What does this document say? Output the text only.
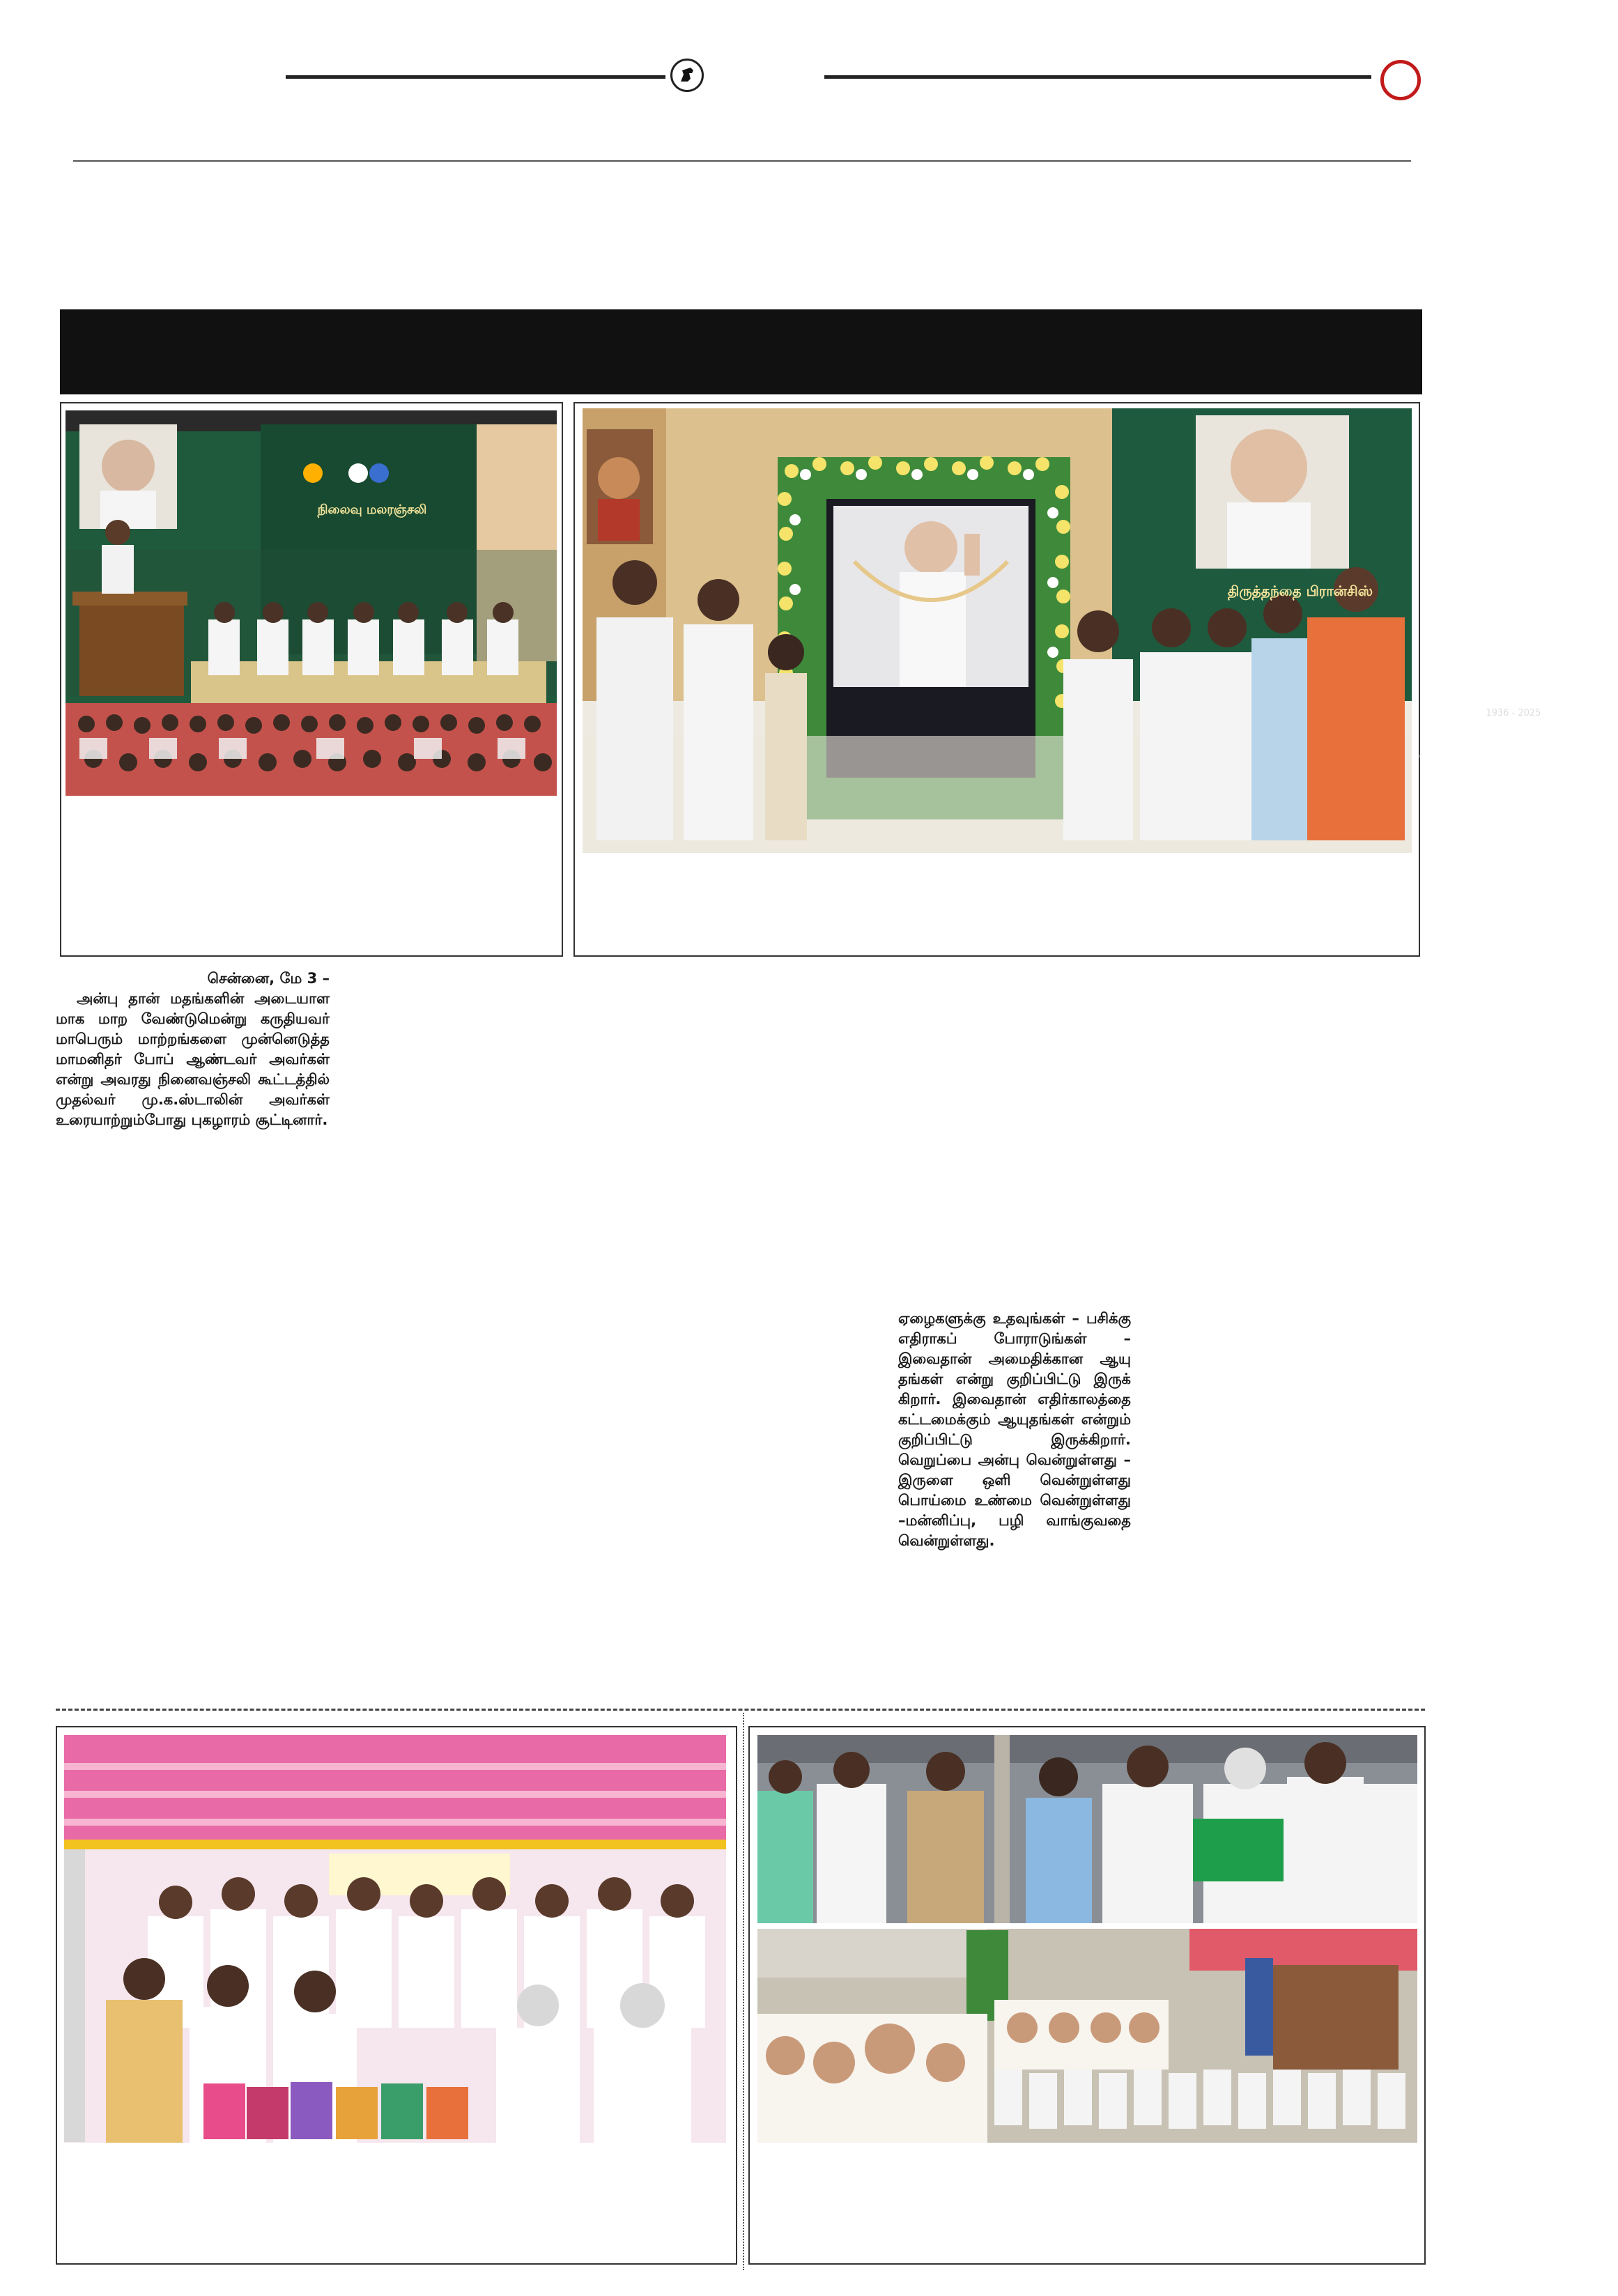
நிலைவு மலரஞ்சலி
Pope Francis
1936 - 2025
Servant of Mercy • Humble Shepherd
Reformer • Prophet of Nature
Jesuit Chennai Province	TNCRI
திருத்தந்தை பிரான்சிஸ்
சென்னை, மே 3 –
அன்பு தான் மதங்களின் அடையாள மாக மாற வேண்டுமென்று கருதியவர் மாபெரும் மாற்றங்களை முன்னெடுத்த மாமனிதர் போப் ஆண்டவர் அவர்கள் என்று அவரது நினைவஞ்சலி கூட்டத்தில் முதல்வர் மு.க.ஸ்டாலின் அவர்கள் உரையாற்றும்போது புகழாரம் சூட்டினார்.
ஏழைகளுக்கு உதவுங்கள் – பசிக்கு எதிராகப் போராடுங்கள் – இவைதான் அமைதிக்கான ஆயு தங்கள் என்று குறிப்பிட்டு இருக் கிறார். இவைதான் எதிர்காலத்தை கட்டமைக்கும் ஆயுதங்கள் என்றும் குறிப்பிட்டு இருக்கிறார். வெறுப்பை அன்பு வென்றுள்ளது –இருளை ஒளி வென்றுள்ளது பொய்மை உண்மை வென்றுள்ளது –மன்னிப்பு, பழி வாங்குவதை வென்றுள்ளது.
